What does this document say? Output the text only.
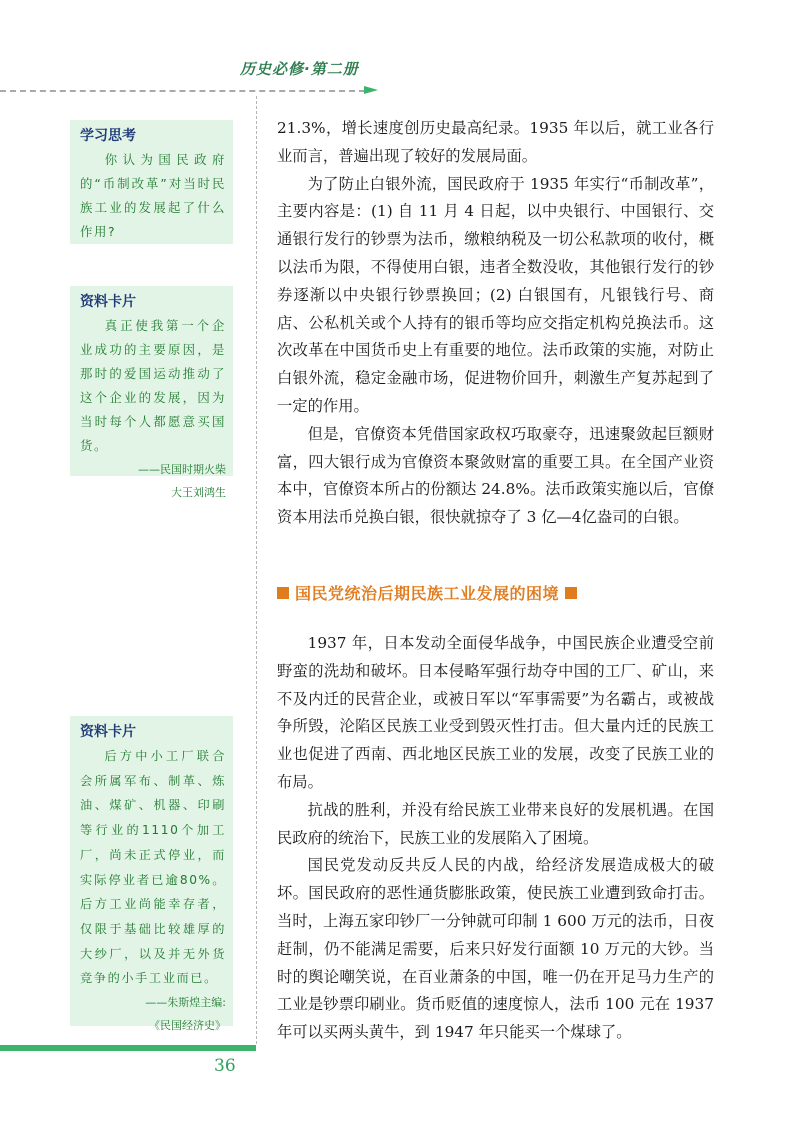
历史必修·第二册
学习思考
你认为国民政府的“币制改革”对当时民族工业的发展起了什么作用?
资料卡片
真正使我第一个企业成功的主要原因，是那时的爱国运动推动了这个企业的发展，因为当时每个人都愿意买国货。
——民国时期火柴
大王刘鸿生
资料卡片
后方中小工厂联合会所属军布、制革、炼油、煤矿、机器、印刷等行业的1110个加工厂，尚未正式停业，而实际停业者已逾80%。后方工业尚能幸存者，仅限于基础比较雄厚的大纱厂，以及并无外货竞争的小手工业而已。
——朱斯煌主编:
《民国经济史》

21.3%，增长速度创历史最高纪录。1935 年以后，就工业各行业而言，普遍出现了较好的发展局面。

为了防止白银外流，国民政府于 1935 年实行“币制改革”，主要内容是：(1) 自 11 月 4 日起，以中央银行、中国银行、交通银行发行的钞票为法币，缴粮纳税及一切公私款项的收付，概以法币为限，不得使用白银，违者全数没收，其他银行发行的钞券逐渐以中央银行钞票换回；(2) 白银国有，凡银钱行号、商店、公私机关或个人持有的银币等均应交指定机构兑换法币。这次改革在中国货币史上有重要的地位。法币政策的实施，对防止白银外流，稳定金融市场，促进物价回升，刺激生产复苏起到了一定的作用。

但是，官僚资本凭借国家政权巧取豪夺，迅速聚敛起巨额财富，四大银行成为官僚资本聚敛财富的重要工具。在全国产业资本中，官僚资本所占的份额达 24.8%。法币政策实施以后，官僚资本用法币兑换白银，很快就掠夺了 3 亿—4亿盎司的白银。

国民党统治后期民族工业发展的困境

1937 年，日本发动全面侵华战争，中国民族企业遭受空前野蛮的洗劫和破坏。日本侵略军强行劫夺中国的工厂、矿山，来不及内迁的民营企业，或被日军以“军事需要”为名霸占，或被战争所毁，沦陷区民族工业受到毁灭性打击。但大量内迁的民族工业也促进了西南、西北地区民族工业的发展，改变了民族工业的布局。

抗战的胜利，并没有给民族工业带来良好的发展机遇。在国民政府的统治下，民族工业的发展陷入了困境。

国民党发动反共反人民的内战，给经济发展造成极大的破坏。国民政府的恶性通货膨胀政策，使民族工业遭到致命打击。当时，上海五家印钞厂一分钟就可印制 1 600 万元的法币，日夜赶制，仍不能满足需要，后来只好发行面额 10 万元的大钞。当时的舆论嘲笑说，在百业萧条的中国，唯一仍在开足马力生产的工业是钞票印刷业。货币贬值的速度惊人，法币 100 元在 1937 年可以买两头黄牛，到 1947 年只能买一个煤球了。

36
